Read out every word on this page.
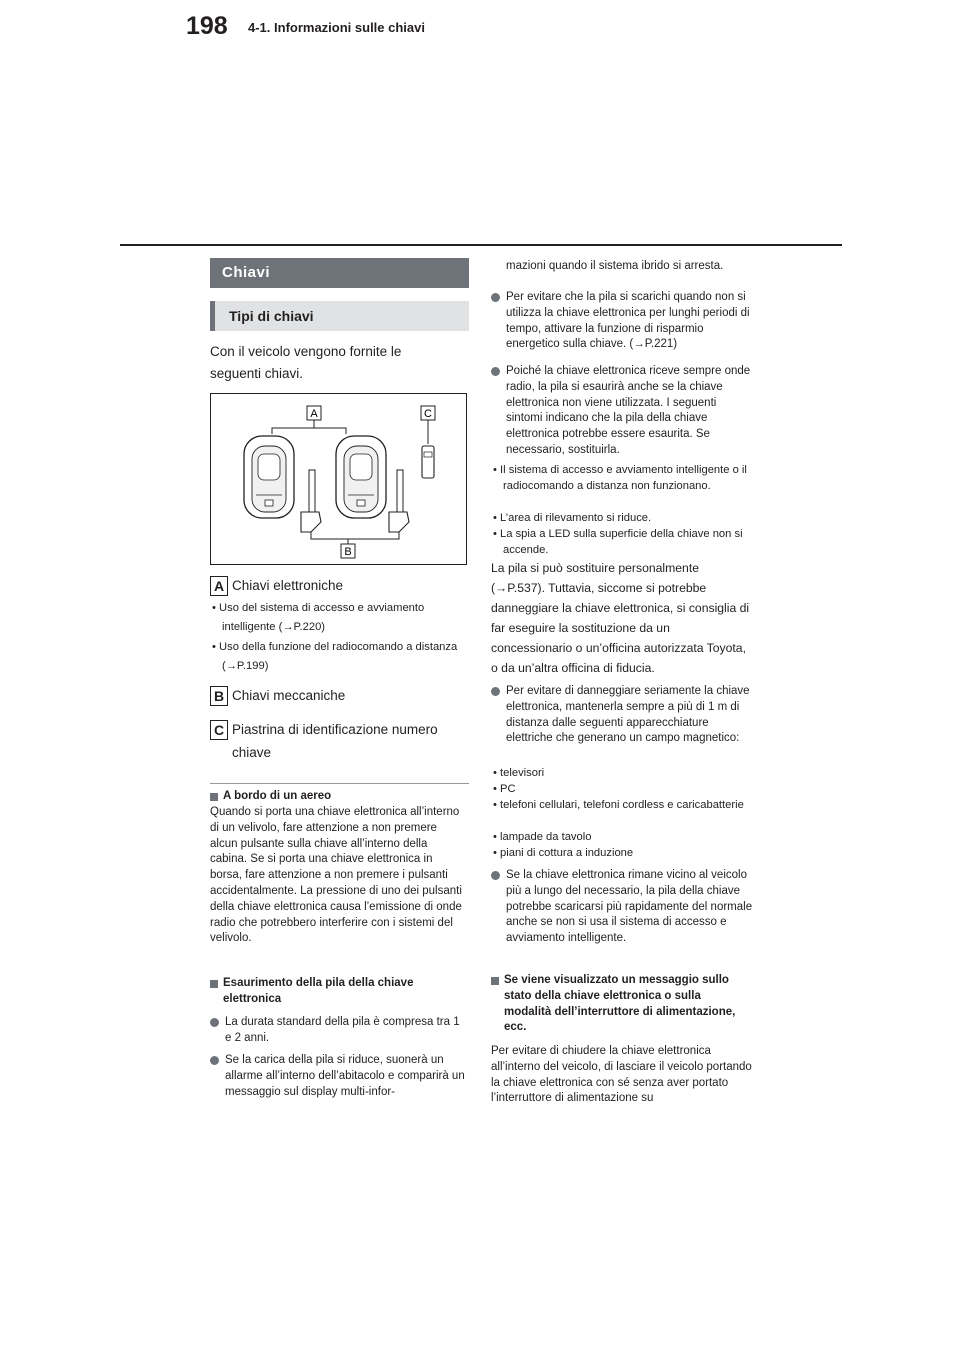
198 4-1. Informazioni sulle chiavi
Chiavi
Tipi di chiavi
Con il veicolo vengono fornite le seguenti chiavi.
A	C
B
A Chiavi elettroniche
• Uso del sistema di accesso e avviamento intelligente (→P.220)
• Uso della funzione del radiocomando a distanza (→P.199)
B Chiavi meccaniche
C Piastrina di identificazione numero chiave
A bordo di un aereo
Quando si porta una chiave elettronica all’interno di un velivolo, fare attenzione a non premere alcun pulsante sulla chiave all’interno della cabina. Se si porta una chiave elettronica in borsa, fare attenzione a non premere i pulsanti accidentalmente. La pressione di uno dei pulsanti della chiave elettronica causa l’emissione di onde radio che potrebbero interferire con i sistemi del velivolo.
Esaurimento della pila della chiave elettronica
La durata standard della pila è compresa tra 1 e 2 anni.
Se la carica della pila si riduce, suonerà un allarme all’interno dell’abitacolo e comparirà un messaggio sul display multi-infor-
mazioni quando il sistema ibrido si arresta.
Per evitare che la pila si scarichi quando non si utilizza la chiave elettronica per lunghi periodi di tempo, attivare la funzione di risparmio energetico sulla chiave. (→P.221)
Poiché la chiave elettronica riceve sempre onde radio, la pila si esaurirà anche se la chiave elettronica non viene utilizzata. I seguenti sintomi indicano che la pila della chiave elettronica potrebbe essere esaurita. Se necessario, sostituirla.
• Il sistema di accesso e avviamento intelligente o il radiocomando a distanza non funzionano.
• L’area di rilevamento si riduce.
• La spia a LED sulla superficie della chiave non si accende.
La pila si può sostituire personalmente (→P.537). Tuttavia, siccome si potrebbe danneggiare la chiave elettronica, si consiglia di far eseguire la sostituzione da un concessionario o un’officina autorizzata Toyota, o da un’altra officina di fiducia.
Per evitare di danneggiare seriamente la chiave elettronica, mantenerla sempre a più di 1 m di distanza dalle seguenti apparecchiature elettriche che generano un campo magnetico:
• televisori
• PC
• telefoni cellulari, telefoni cordless e caricabatterie
• lampade da tavolo
• piani di cottura a induzione
Se la chiave elettronica rimane vicino al veicolo più a lungo del necessario, la pila della chiave potrebbe scaricarsi più rapidamente del normale anche se non si usa il sistema di accesso e avviamento intelligente.
Se viene visualizzato un messaggio sullo stato della chiave elettronica o sulla modalità dell’interruttore di alimentazione, ecc.
Per evitare di chiudere la chiave elettronica all’interno del veicolo, di lasciare il veicolo portando la chiave elettronica con sé senza aver portato l’interruttore di alimentazione su
